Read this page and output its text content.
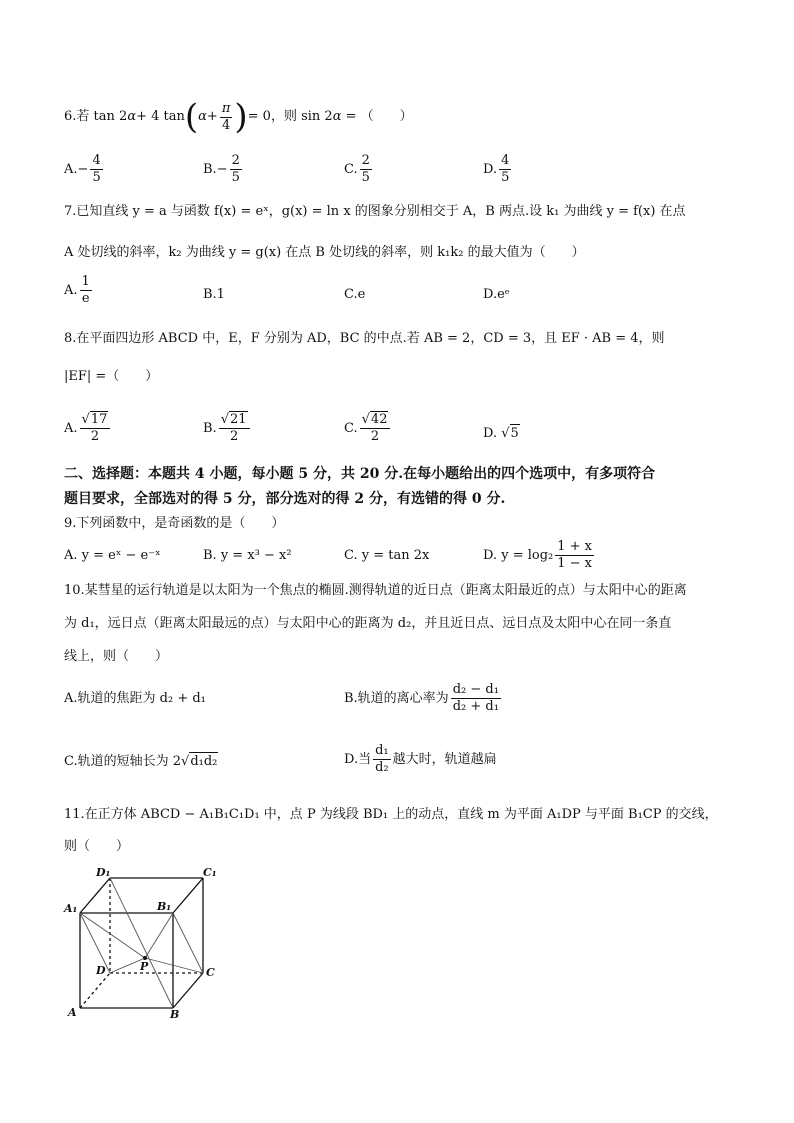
6. 若 tan 2 α + 4 tan ( $\alpha + \frac{\pi}{4}$ ) = 0 ，则 sin 2α = （　　）
A. − $\frac{4}{5}$	B. − $\frac{2}{5}$	C. $\frac{2}{5}$	D. $\frac{4}{5}$
7.已知直线 y = a 与函数 f(x) = eˣ，g(x) = ln x 的图象分别相交于 A，B 两点.设 k₁ 为曲线 y = f(x) 在点
A 处切线的斜率，k₂ 为曲线 y = g(x) 在点 B 处切线的斜率，则 k₁k₂ 的最大值为（　　）
A. $\frac{1}{e}$	B.1	C.e	D.eᵉ
8.在平面四边形 ABCD 中，E，F 分别为 AD，BC 的中点.若 AB = 2，CD = 3，且 EF · AB = 4，则
|EF| =（　　）
A. $\frac{√17}{2}$	B. $\frac{√21}{2}$	C. $\frac{√42}{2}$	D. √ 5
二、选择题：本题共 4 小题，每小题 5 分，共 20 分.在每小题给出的四个选项中，有多项符合
题目要求，全部选对的得 5 分，部分选对的得 2 分，有选错的得 0 分.
9.下列函数中，是奇函数的是（　　）
A. y = eˣ − e⁻ˣ	B. y = x³ − x²	C. y = tan 2x	D. $y = \log_2 \frac{1 + x}{1 - x}$
10.某彗星的运行轨道是以太阳为一个焦点的椭圆.测得轨道的近日点（距离太阳最近的点）与太阳中心的距离
为 d₁，远日点（距离太阳最远的点）与太阳中心的距离为 d₂，并且近日点、远日点及太阳中心在同一条直
线上，则（　　）
A.轨道的焦距为 d₂ + d₁	B.轨道的离心率为 $\frac{\text{d₂ − d₁}}{\text{d₂ + d₁}}$
C.轨道的短轴长为 2 √ d₁d₂	D.当 $\frac{\text{d₁}}{\text{d₂}}$ 越大时，轨道越扁
11.在正方体 ABCD − A₁B₁C₁D₁ 中，点 P 为线段 BD₁ 上的动点，直线 m 为平面 A₁DP 与平面 B₁CP 的交线，
则（　　）
D₁	C₁
A₁	B₁
D	P	C
A	B
